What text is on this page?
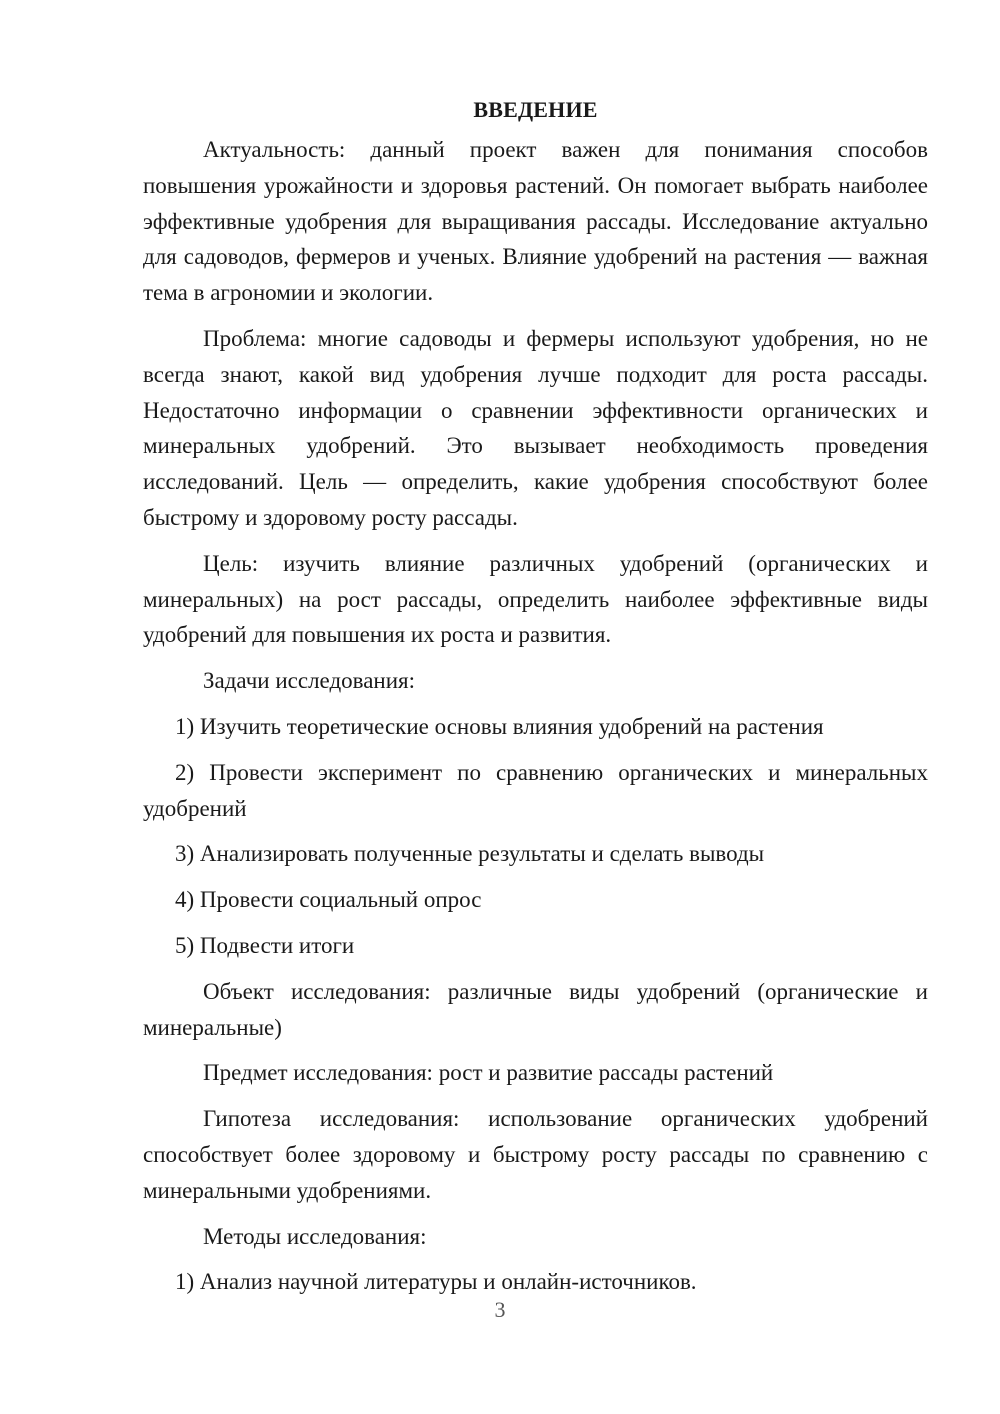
ВВЕДЕНИЕ

Актуальность: данный проект важен для понимания способов повышения урожайности и здоровья растений. Он помогает выбрать наиболее эффективные удобрения для выращивания рассады. Исследование актуально для садоводов, фермеров и ученых. Влияние удобрений на растения — важная тема в агрономии и экологии.

Проблема: многие садоводы и фермеры используют удобрения, но не всегда знают, какой вид удобрения лучше подходит для роста рассады. Недостаточно информации о сравнении эффективности органических и минеральных удобрений. Это вызывает необходимость проведения исследований. Цель — определить, какие удобрения способствуют более быстрому и здоровому росту рассады.

Цель: изучить влияние различных удобрений (органических и минеральных) на рост рассады, определить наиболее эффективные виды удобрений для повышения их роста и развития.

Задачи исследования:

1) Изучить теоретические основы влияния удобрений на растения

2) Провести эксперимент по сравнению органических и минеральных удобрений

3) Анализировать полученные результаты и сделать выводы

4) Провести социальный опрос

5) Подвести итоги

Объект исследования: различные виды удобрений (органические и минеральные)

Предмет исследования: рост и развитие рассады растений

Гипотеза исследования: использование органических удобрений способствует более здоровому и быстрому росту рассады по сравнению с минеральными удобрениями.

Методы исследования:

1) Анализ научной литературы и онлайн-источников.

3
